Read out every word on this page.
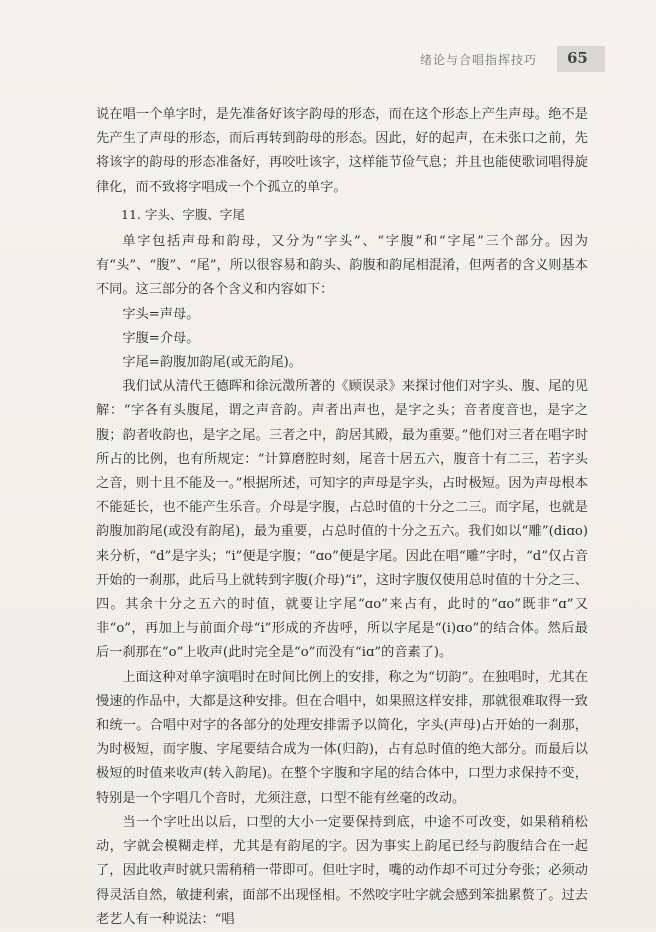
绪论与合唱指挥技巧 65

说在唱一个单字时，是先准备好该字韵母的形态，而在这个形态上产生声母。绝不是先产生了声母的形态，而后再转到韵母的形态。因此，好的起声，在未张口之前，先将该字的韵母的形态准备好，再咬吐该字，这样能节俭气息；并且也能使歌词唱得旋律化，而不致将字唱成一个个孤立的单字。

11. 字头、字腹、字尾

单字包括声母和韵母，又分为“字头”、“字腹”和“字尾”三个部分。因为有“头”、“腹”、“尾”，所以很容易和韵头、韵腹和韵尾相混淆，但两者的含义则基本不同。这三部分的各个含义和内容如下：

字头=声母。

字腹=介母。

字尾=韵腹加韵尾(或无韵尾)。

我们试从清代王德晖和徐沅澂所著的《顾误录》来探讨他们对字头、腹、尾的见解：“字各有头腹尾，谓之声音韵。声者出声也，是字之头；音者度音也，是字之腹；韵者收韵也，是字之尾。三者之中，韵居其殿，最为重要。”他们对三者在唱字时所占的比例，也有所规定：“计算磨腔时刻，尾音十居五六，腹音十有二三，若字头之音，则十且不能及一。”根据所述，可知字的声母是字头，占时极短。因为声母根本不能延长，也不能产生乐音。介母是字腹，占总时值的十分之二三。而字尾，也就是韵腹加韵尾(或没有韵尾)，最为重要，占总时值的十分之五六。我们如以“雕”(diɑo)来分析，“d”是字头；“i”便是字腹；“ɑo”便是字尾。因此在唱“雕”字时，“d”仅占音开始的一刹那，此后马上就转到字腹(介母)“i”，这时字腹仅使用总时值的十分之三、四。其余十分之五六的时值，就要让字尾“ɑo”来占有，此时的“ɑo”既非“ɑ”又非“o”，再加上与前面介母“i”形成的齐齿呼，所以字尾是“(i)ɑo”的结合体。然后最后一刹那在“o”上收声(此时完全是“o”而没有“iɑ”的音素了)。

上面这种对单字演唱时在时间比例上的安排，称之为“切韵”。在独唱时，尤其在慢速的作品中，大都是这种安排。但在合唱中，如果照这样安排，那就很难取得一致和统一。合唱中对字的各部分的处理安排需予以简化，字头(声母)占开始的一刹那，为时极短，而字腹、字尾要结合成为一体(归韵)，占有总时值的绝大部分。而最后以极短的时值来收声(转入韵尾)。在整个字腹和字尾的结合体中，口型力求保持不变，特别是一个字唱几个音时，尤须注意，口型不能有丝毫的改动。

当一个字吐出以后，口型的大小一定要保持到底，中途不可改变，如果稍稍松动，字就会模糊走样，尤其是有韵尾的字。因为事实上韵尾已经与韵腹结合在一起了，因此收声时就只需稍稍一带即可。但吐字时，嘴的动作却不可过分夸张；必须动得灵活自然，敏捷利索，面部不出现怪相。不然咬字吐字就会感到笨拙累赘了。过去老艺人有一种说法：“唱
